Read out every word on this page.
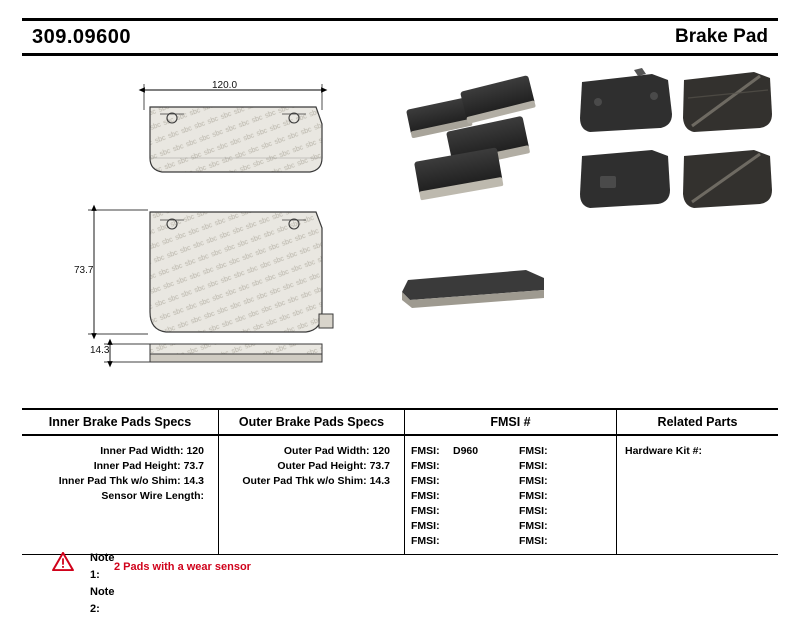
309.09600	Brake Pad
120.0
73.7
14.3
Inner Brake Pads Specs	Outer Brake Pads Specs	FMSI #	Related Parts
Inner Pad Width: 120
Inner Pad Height: 73.7
Inner Pad Thk w/o Shim: 14.3
Sensor Wire Length:
Outer Pad Width: 120
Outer Pad Height: 73.7
Outer Pad Thk w/o Shim: 14.3
FMSI:	D960	FMSI:
FMSI:	FMSI:
FMSI:	FMSI:
FMSI:	FMSI:
FMSI:	FMSI:
FMSI:	FMSI:
FMSI:	FMSI:
Hardware Kit #:
Note 1:
2 Pads with a wear sensor
Note 2:
